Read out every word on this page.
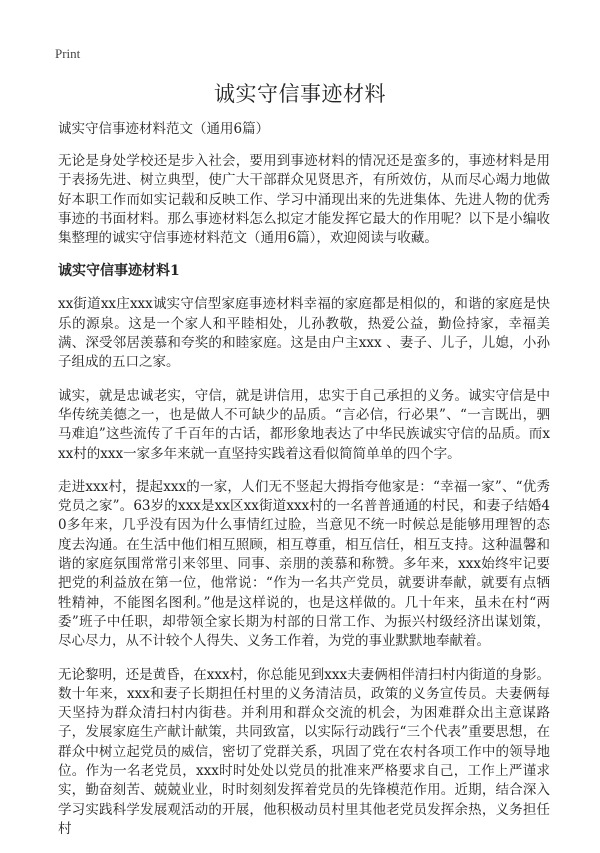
Print

诚实守信事迹材料

诚实守信事迹材料范文（通用6篇）

无论是身处学校还是步入社会，要用到事迹材料的情况还是蛮多的，事迹材料是用于表扬先进、树立典型，使广大干部群众见贤思齐，有所效仿，从而尽心竭力地做好本职工作而如实记载和反映工作、学习中涌现出来的先进集体、先进人物的优秀事迹的书面材料。那么事迹材料怎么拟定才能发挥它最大的作用呢？以下是小编收集整理的诚实守信事迹材料范文（通用6篇），欢迎阅读与收藏。

诚实守信事迹材料1

xx街道xx庄xxx诚实守信型家庭事迹材料幸福的家庭都是相似的，和谐的家庭是快乐的源泉。这是一个家人和平睦相处，儿孙教敬，热爱公益，勤俭持家，幸福美满、深受邻居羡慕和夸奖的和睦家庭。这是由户主xxx 、妻子、儿子，儿媳，小孙子组成的五口之家。

诚实，就是忠诚老实，守信，就是讲信用，忠实于自己承担的义务。诚实守信是中华传统美德之一，也是做人不可缺少的品质。“言必信，行必果”、“一言既出，驷马难追”这些流传了千百年的古话，都形象地表达了中华民族诚实守信的品质。而xxx村的xxx一家多年来就一直坚持实践着这看似简简单单的四个字。

走进xxx村，提起xxx的一家，人们无不竖起大拇指夸他家是：“幸福一家”、“优秀党员之家”。63岁的xxx是xx区xx街道xxx村的一名普普通通的村民，和妻子结婚40多年来，几乎没有因为什么事情红过脸，当意见不统一时候总是能够用理智的态度去沟通。在生活中他们相互照顾，相互尊重，相互信任，相互支持。这种温馨和谐的家庭氛围常常引来邻里、同事、亲朋的羡慕和称赞。多年来，xxx始终牢记要把党的利益放在第一位，他常说：“作为一名共产党员，就要讲奉献，就要有点牺牲精神，不能图名图利。”他是这样说的，也是这样做的。几十年来，虽未在村“两委”班子中任职，却带领全家长期为村部的日常工作、为振兴村级经济出谋划策，尽心尽力，从不计较个人得失、义务工作着，为党的事业默默地奉献着。

无论黎明，还是黄昏，在xxx村，你总能见到xxx夫妻俩相伴清扫村内街道的身影。数十年来，xxx和妻子长期担任村里的义务清洁员，政策的义务宣传员。夫妻俩每天坚持为群众清扫村内街巷。并利用和群众交流的机会，为困难群众出主意谋路子，发展家庭生产献计献策，共同致富，以实际行动践行“三个代表”重要思想，在群众中树立起党员的威信，密切了党群关系，巩固了党在农村各项工作中的领导地位。作为一名老党员，xxx时时处处以党员的批准来严格要求自己，工作上严谨求实，勤奋刻苦、兢兢业业，时时刻刻发挥着党员的先锋模范作用。近期，结合深入学习实践科学发展观活动的开展，他积极动员村里其他老党员发挥余热，义务担任村
